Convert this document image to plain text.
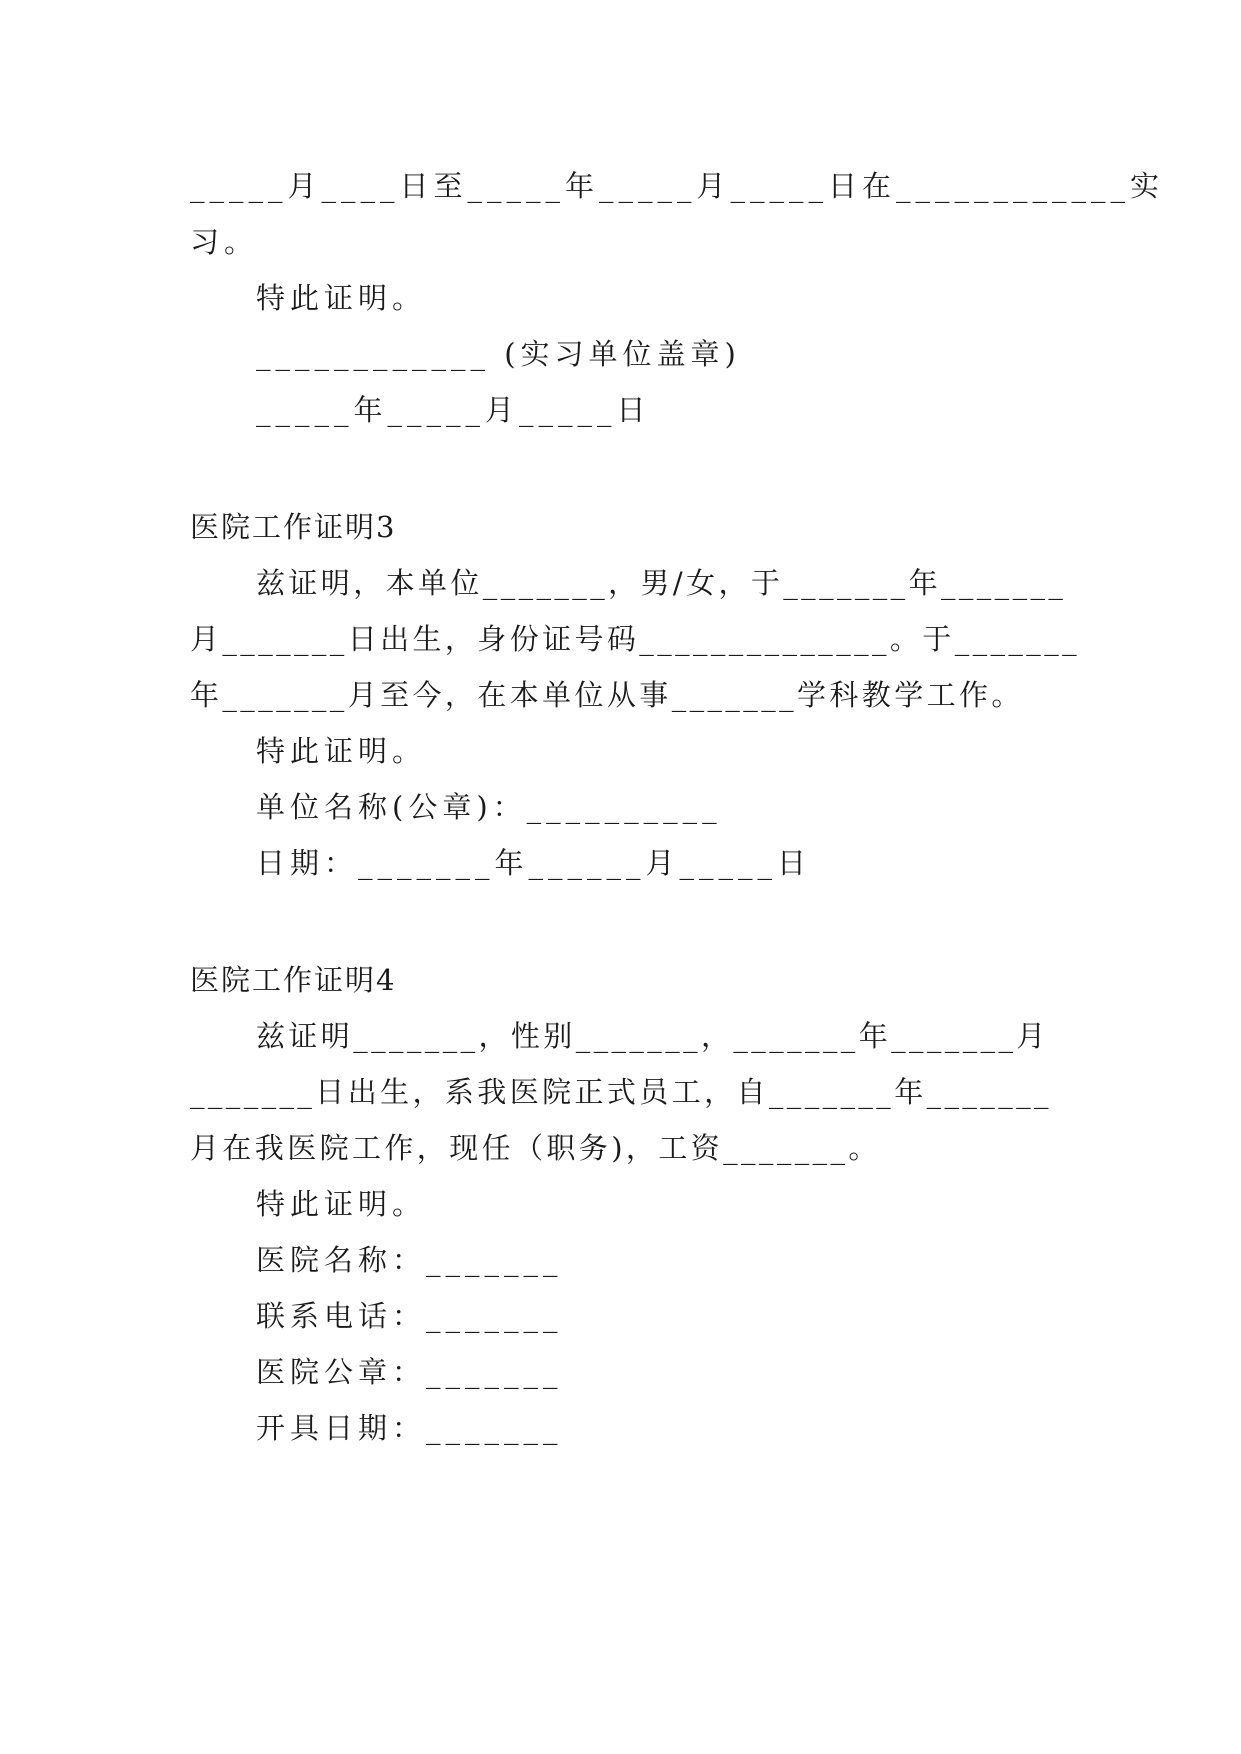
_____月____日至_____年_____月_____日在____________实
习。
特此证明。
____________ (实习单位盖章)
_____年_____月_____日
医院工作证明3
兹证明，本单位_______，男/女，于_______年_______
月_______日出生，身份证号码______________。于_______
年_______月至今，在本单位从事_______学科教学工作。
特此证明。
单位名称(公章)：__________
日期：_______年______月_____日
医院工作证明4
兹证明_______，性别_______，_______年_______月
_______日出生，系我医院正式员工，自_______年_______
月在我医院工作，现任（职务)，工资_______。
特此证明。
医院名称：_______
联系电话：_______
医院公章：_______
开具日期：_______
